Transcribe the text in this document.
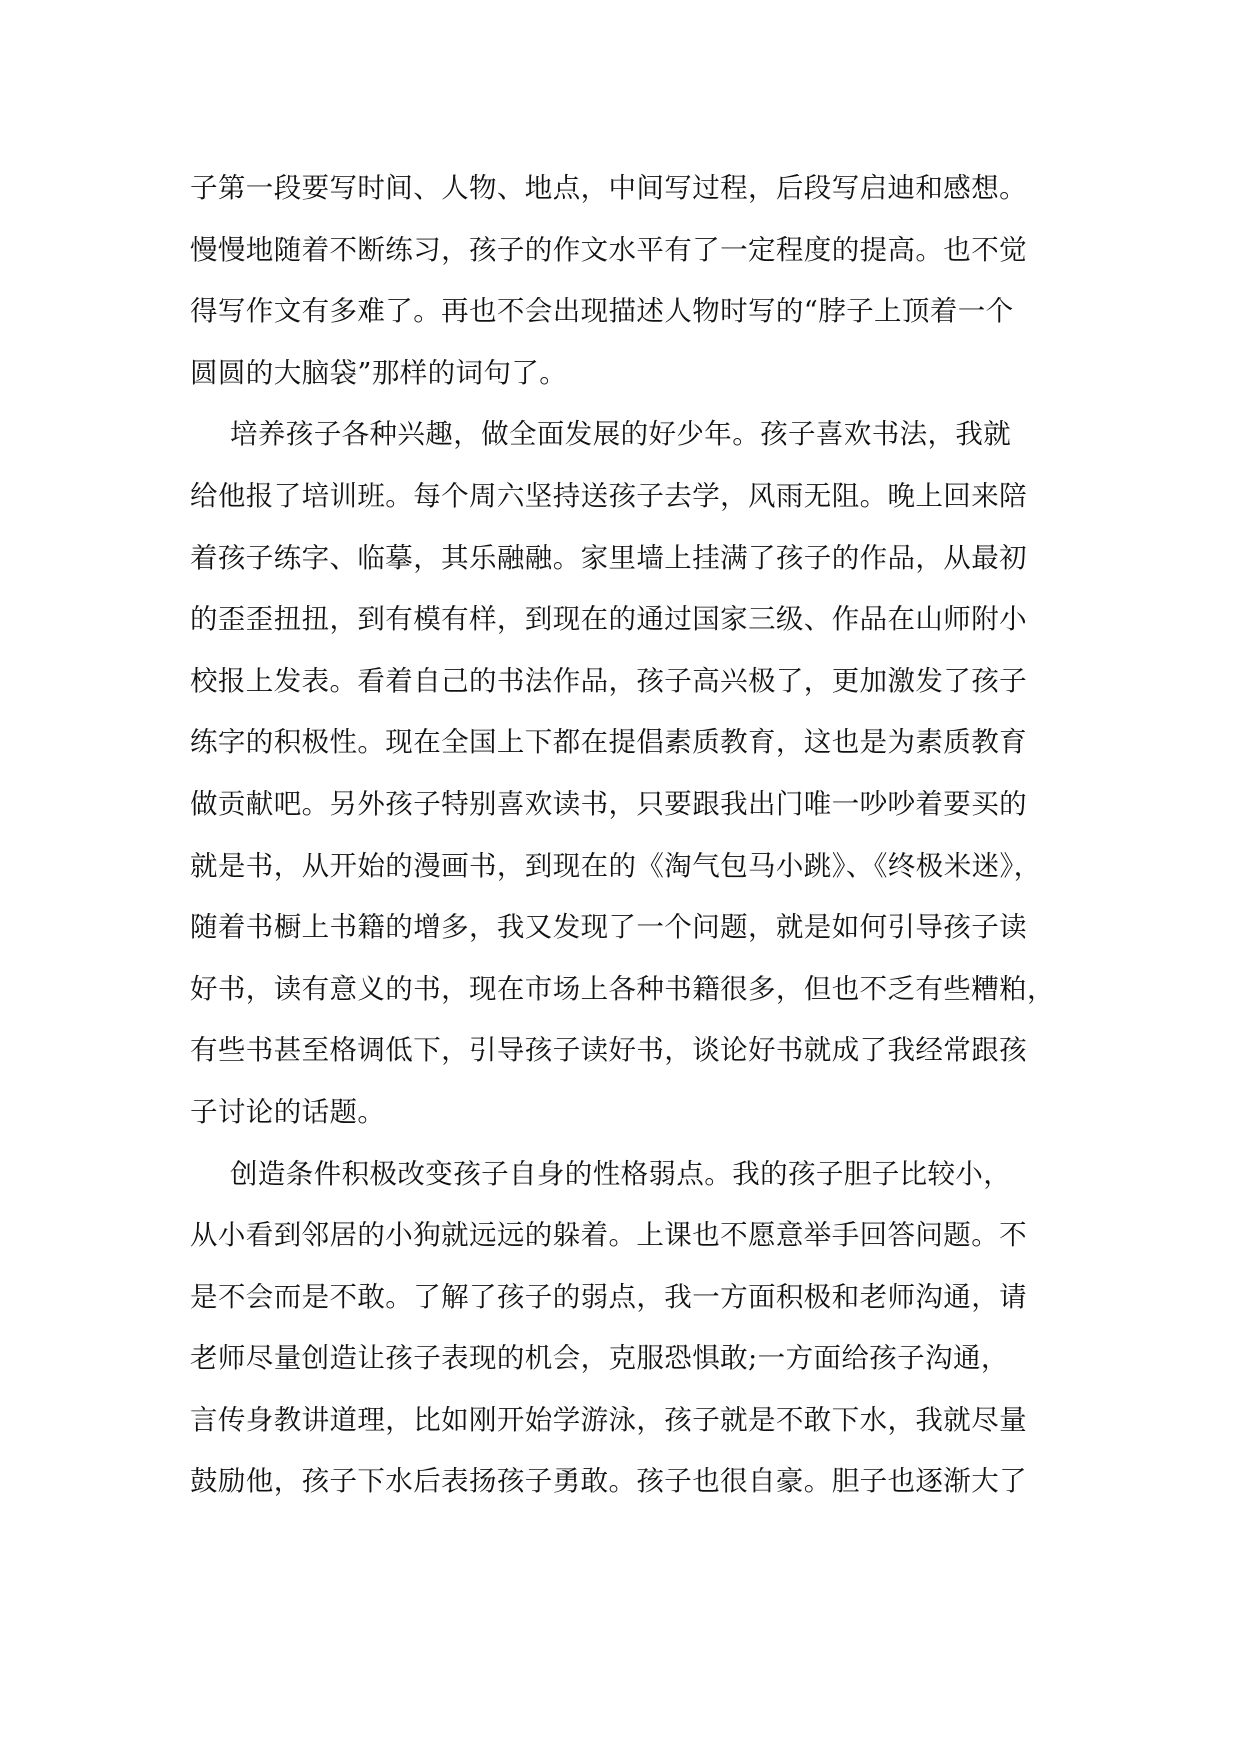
子第一段要写时间、人物、地点，中间写过程，后段写启迪和感想。
慢慢地随着不断练习，孩子的作文水平有了一定程度的提高。也不觉
得写作文有多难了。再也不会出现描述人物时写的“脖子上顶着一个
圆圆的大脑袋”那样的词句了。

培养孩子各种兴趣，做全面发展的好少年。孩子喜欢书法，我就
给他报了培训班。每个周六坚持送孩子去学，风雨无阻。晚上回来陪
着孩子练字、临摹，其乐融融。家里墙上挂满了孩子的作品，从最初
的歪歪扭扭，到有模有样，到现在的通过国家三级、作品在山师附小
校报上发表。看着自己的书法作品，孩子高兴极了，更加激发了孩子
练字的积极性。现在全国上下都在提倡素质教育，这也是为素质教育
做贡献吧。另外孩子特别喜欢读书，只要跟我出门唯一吵吵着要买的
就是书，从开始的漫画书，到现在的《淘气包马小跳》、《终极米迷》，
随着书橱上书籍的增多，我又发现了一个问题，就是如何引导孩子读
好书，读有意义的书，现在市场上各种书籍很多，但也不乏有些糟粕，
有些书甚至格调低下，引导孩子读好书，谈论好书就成了我经常跟孩
子讨论的话题。

创造条件积极改变孩子自身的性格弱点。我的孩子胆子比较小，
从小看到邻居的小狗就远远的躲着。上课也不愿意举手回答问题。不
是不会而是不敢。了解了孩子的弱点，我一方面积极和老师沟通，请
老师尽量创造让孩子表现的机会，克服恐惧敢;一方面给孩子沟通，
言传身教讲道理，比如刚开始学游泳，孩子就是不敢下水，我就尽量
鼓励他，孩子下水后表扬孩子勇敢。孩子也很自豪。胆子也逐渐大了
